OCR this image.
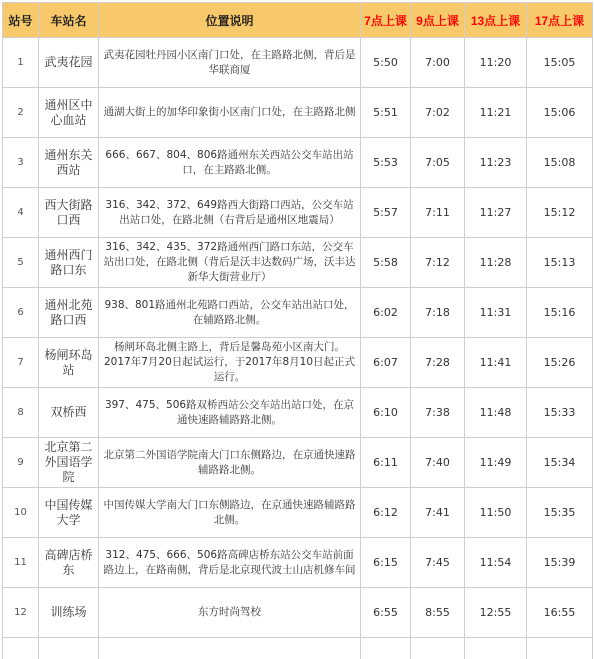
站号	车站名	位置说明	7点上课	9点上课	13点上课	17点上课
1	武夷花园	武夷花园牡丹园小区南门口处，在主路路北侧，背后是华联商厦	5:50	7:00	11:20	15:05
2	通州区中心血站	通湖大街上的加华印象街小区南门口处，在主路路北侧	5:51	7:02	11:21	15:06
3	通州东关西站	666、667、804、806路通州东关西站公交车站出站口，在主路路北侧。	5:53	7:05	11:23	15:08
4	西大街路口西	316、342、372、649路西大街路口西站，公交车站出站口处，在路北侧（右背后是通州区地震局）	5:57	7:11	11:27	15:12
5	通州西门路口东	316、342、435、372路通州西门路口东站，公交车站出口处，在路北侧（背后是沃丰达数码广场，沃丰达新华大街营业厅）	5:58	7:12	11:28	15:13
6	通州北苑路口西	938、801路通州北苑路口西站，公交车站出站口处，在辅路路北侧。	6:02	7:18	11:31	15:16
7	杨闸环岛站	杨闸环岛北侧主路上，背后是馨岛苑小区南大门。2017年7月20日起试运行，于2017年8月10日起正式运行。	6:07	7:28	11:41	15:26
8	双桥西	397、475、506路双桥西站公交车站出站口处，在京通快速路辅路路北侧。	6:10	7:38	11:48	15:33
9	北京第二外国语学院	北京第二外国语学院南大门口东侧路边，在京通快速路辅路路北侧。	6:11	7:40	11:49	15:34
10	中国传媒大学	中国传媒大学南大门口东侧路边，在京通快速路辅路路北侧。	6:12	7:41	11:50	15:35
11	高碑店桥东	312、475、666、506路高碑店桥东站公交车站前面路边上，在路南侧，背后是北京现代波士山店机修车间	6:15	7:45	11:54	15:39
12	训练场	东方时尚驾校	6:55	8:55	12:55	16:55
